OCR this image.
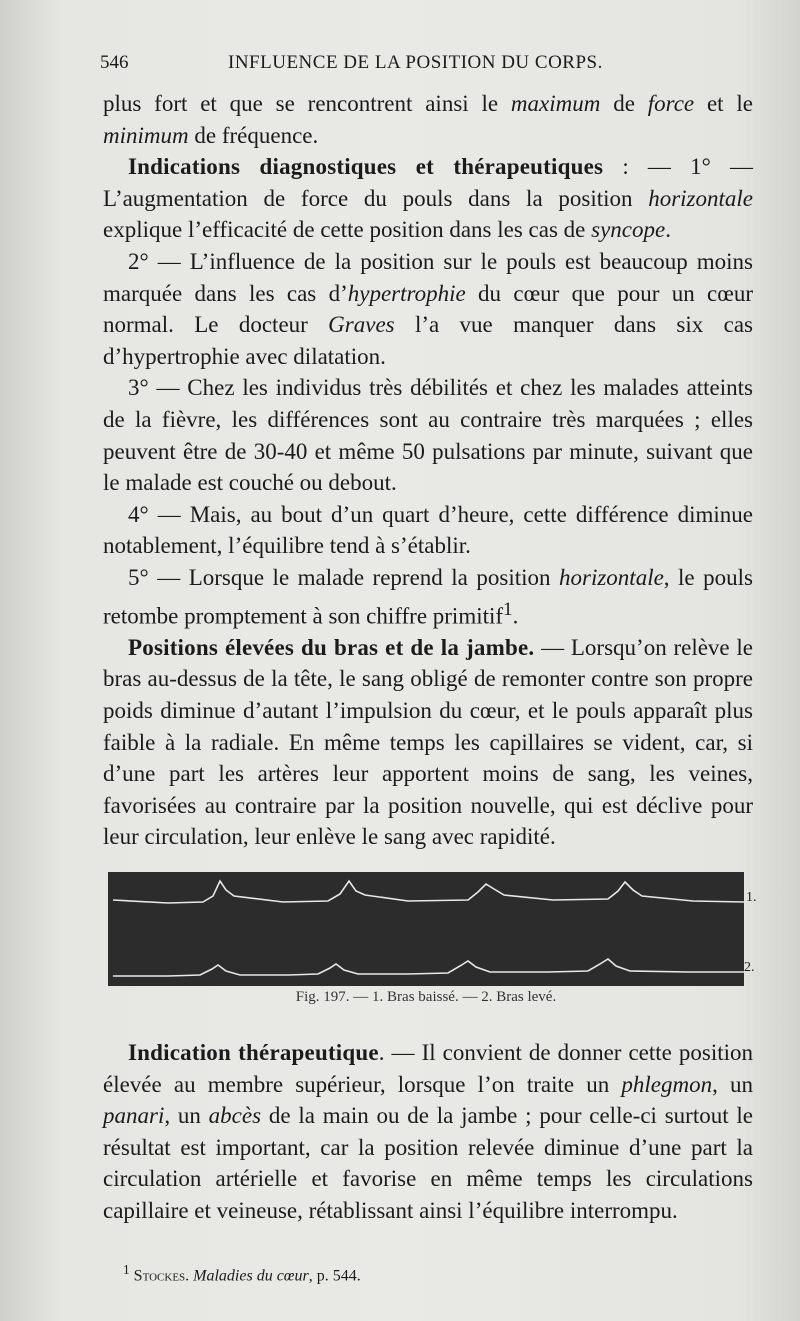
546	INFLUENCE DE LA POSITION DU CORPS.

plus fort et que se rencontrent ainsi le maximum de force et le minimum de fréquence.

Indications diagnostiques et thérapeutiques : — 1° — L’augmentation de force du pouls dans la position horizontale explique l’efficacité de cette position dans les cas de syncope.

2° — L’influence de la position sur le pouls est beaucoup moins marquée dans les cas d’hypertrophie du cœur que pour un cœur normal. Le docteur Graves l’a vue manquer dans six cas d’hypertrophie avec dilatation.

3° — Chez les individus très débilités et chez les malades atteints de la fièvre, les différences sont au contraire très marquées ; elles peuvent être de 30-40 et même 50 pulsations par minute, suivant que le malade est couché ou debout.

4° — Mais, au bout d’un quart d’heure, cette différence diminue notablement, l’équilibre tend à s’établir.

5° — Lorsque le malade reprend la position horizontale, le pouls retombe promptement à son chiffre primitif$^1$.

Positions élevées du bras et de la jambe. — Lorsqu’on relève le bras au-dessus de la tête, le sang obligé de remonter contre son propre poids diminue d’autant l’impulsion du cœur, et le pouls apparaît plus faible à la radiale. En même temps les capillaires se vident, car, si d’une part les artères leur apportent moins de sang, les veines, favorisées au contraire par la position nouvelle, qui est déclive pour leur circulation, leur enlève le sang avec rapidité.

1.
2.
Fig. 197. — 1. Bras baissé. — 2. Bras levé.

Indication thérapeutique. — Il convient de donner cette position élevée au membre supérieur, lorsque l’on traite un phlegmon, un panari, un abcès de la main ou de la jambe ; pour celle-ci surtout le résultat est important, car la position relevée diminue d’une part la circulation artérielle et favorise en même temps les circulations capillaire et veineuse, rétablissant ainsi l’équilibre interrompu.

$^1$ Stockes. Maladies du cœur, p. 544.
